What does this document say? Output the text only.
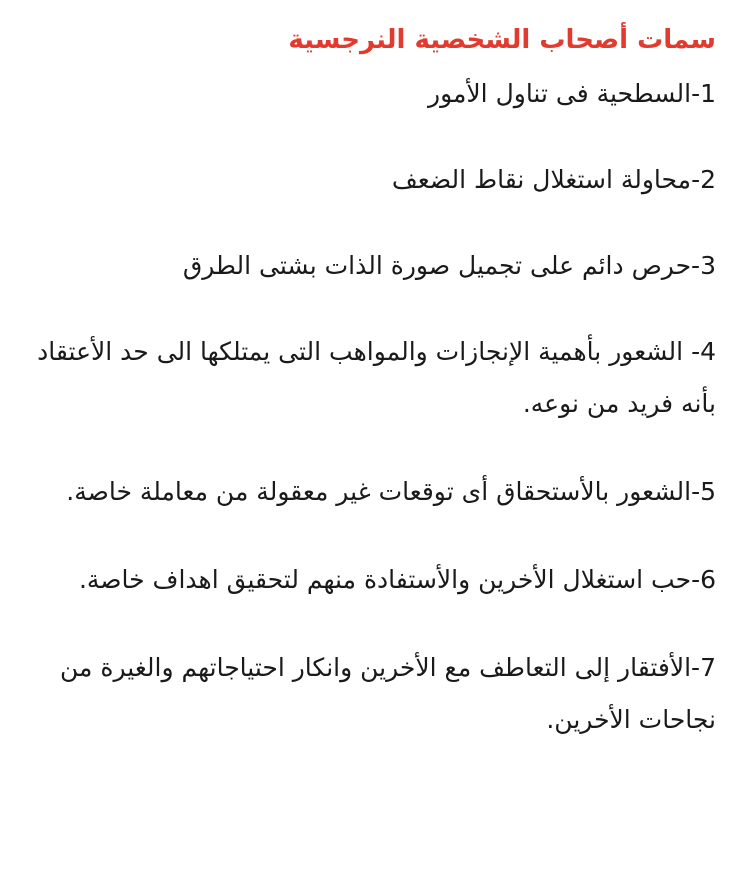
سمات أصحاب الشخصية النرجسية

1-السطحية فى تناول الأمور

2-محاولة استغلال نقاط الضعف

3-حرص دائم على تجميل صورة الذات بشتى الطرق

4- الشعور بأهمية الإنجازات والمواهب التى يمتلكها الى حد الأعتقاد بأنه فريد من نوعه.

5-الشعور بالأستحقاق أى توقعات غير معقولة من معاملة خاصة.

6-حب استغلال الأخرين والأستفادة منهم لتحقيق اهداف خاصة.

7-الأفتقار إلى التعاطف مع الأخرين وانكار احتياجاتهم والغيرة من نجاحات الأخرين.
